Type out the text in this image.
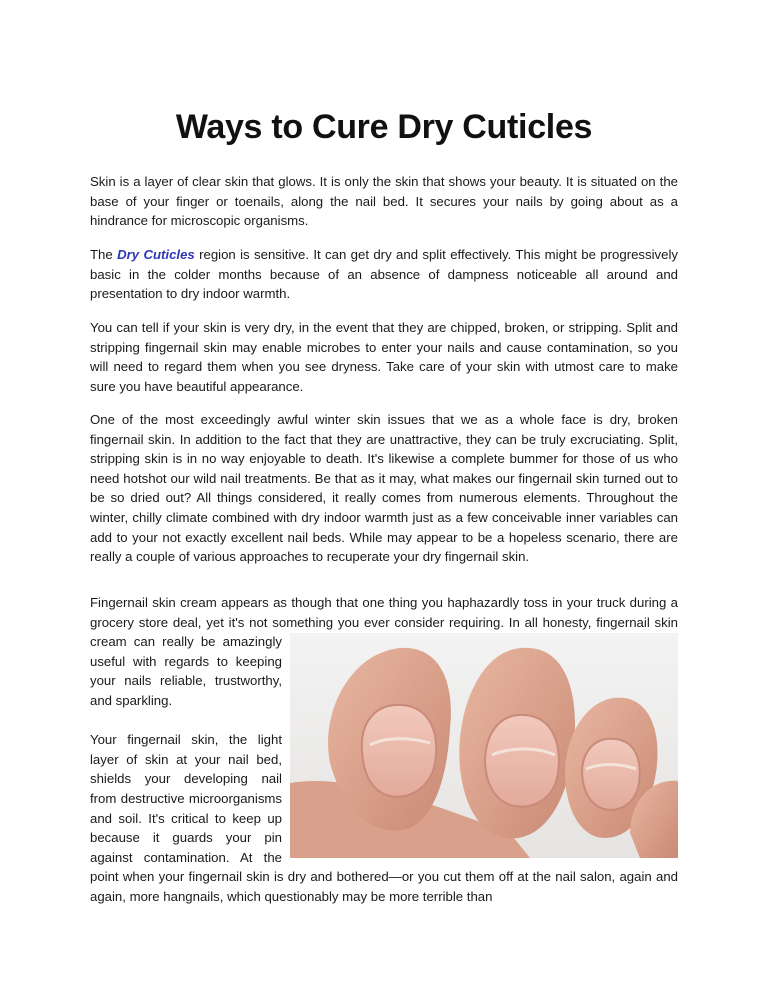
Ways to Cure Dry Cuticles
Skin is a layer of clear skin that glows. It is only the skin that shows your beauty. It is situated on the base of your finger or toenails, along the nail bed. It secures your nails by going about as a hindrance for microscopic organisms.
The Dry Cuticles region is sensitive. It can get dry and split effectively. This might be progressively basic in the colder months because of an absence of dampness noticeable all around and presentation to dry indoor warmth.
You can tell if your skin is very dry, in the event that they are chipped, broken, or stripping. Split and stripping fingernail skin may enable microbes to enter your nails and cause contamination, so you will need to regard them when you see dryness. Take care of your skin with utmost care to make sure you have beautiful appearance.
One of the most exceedingly awful winter skin issues that we as a whole face is dry, broken fingernail skin. In addition to the fact that they are unattractive, they can be truly excruciating. Split, stripping skin is in no way enjoyable to death. It's likewise a complete bummer for those of us who need hotshot our wild nail treatments. Be that as it may, what makes our fingernail skin turned out to be so dried out? All things considered, it really comes from numerous elements. Throughout the winter, chilly climate combined with dry indoor warmth just as a few conceivable inner variables can add to your not exactly excellent nail beds. While may appear to be a hopeless scenario, there are really a couple of various approaches to recuperate your dry fingernail skin.
Fingernail skin cream appears as though that one thing you haphazardly toss in your truck during a grocery store deal, yet it's not something you ever consider requiring. In all honesty, fingernail skin cream can really be amazingly useful with regards to keeping your nails reliable, trustworthy, and sparkling.
Your fingernail skin, the light layer of skin at your nail bed, shields your developing nail from destructive microorganisms and soil. It's critical to keep up because it guards your pin against contamination. At the point when your fingernail skin is dry and bothered—or you cut them off at the nail salon, again and again, more hangnails, which questionably may be more terrible than
